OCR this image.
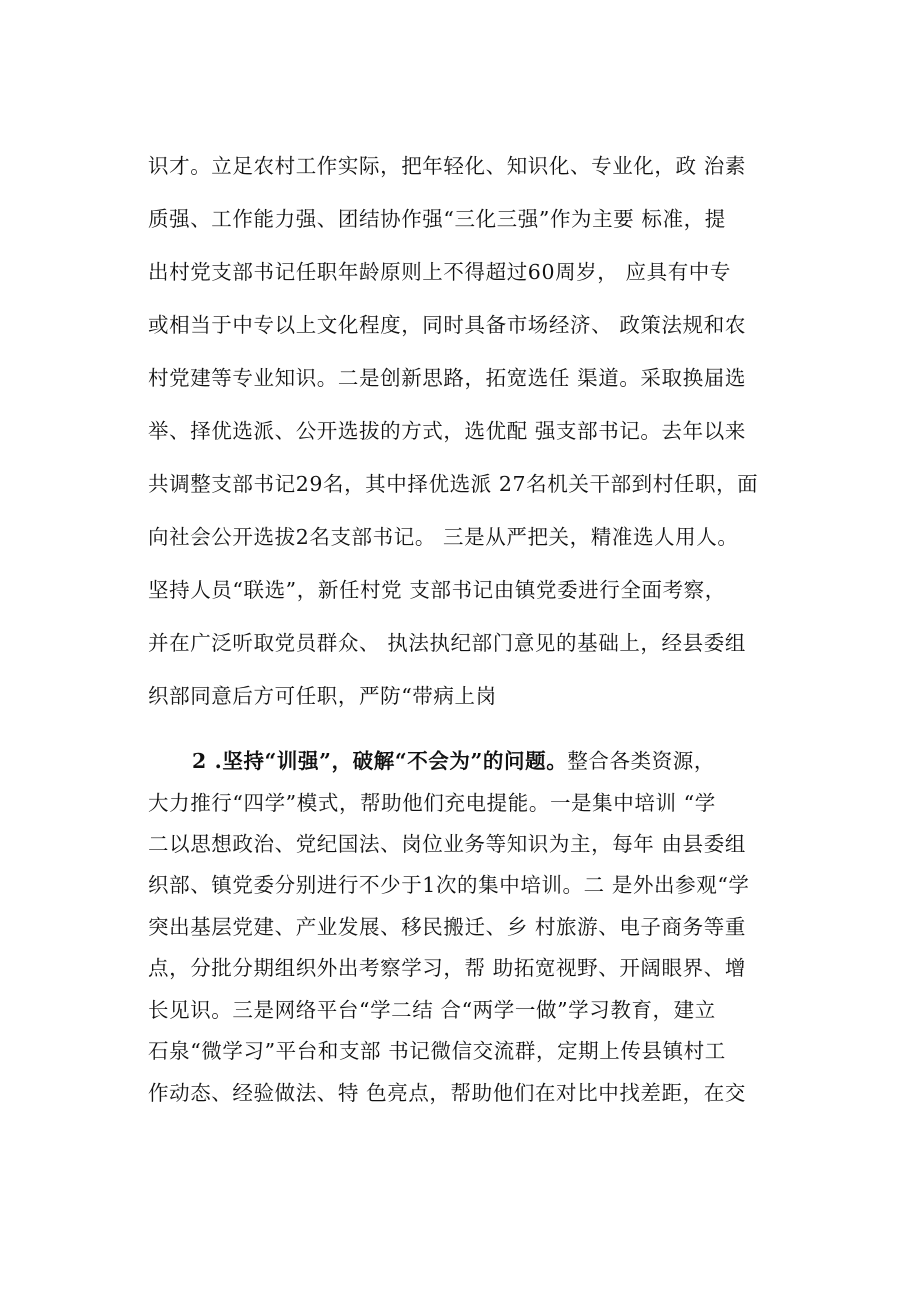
识才。立足农村工作实际，把年轻化、知识化、专业化，政 治素
质强、工作能力强、团结协作强“三化三强”作为主要 标准，提
出村党支部书记任职年龄原则上不得超过60周岁， 应具有中专
或相当于中专以上文化程度，同时具备市场经济、 政策法规和农
村党建等专业知识。二是创新思路，拓宽选任 渠道。采取换届选
举、择优选派、公开选拔的方式，选优配 强支部书记。去年以来
共调整支部书记29名，其中择优选派 27名机关干部到村任职，面
向社会公开选拔2名支部书记。 三是从严把关，精准选人用人。
坚持人员“联选”，新任村党 支部书记由镇党委进行全面考察，
并在广泛听取党员群众、 执法执纪部门意见的基础上，经县委组
织部同意后方可任职，严防“带病上岗
2 .坚持“训强”，破解“不会为”的问题。整合各类资源，
大力推行“四学”模式，帮助他们充电提能。一是集中培训 “学
二以思想政治、党纪国法、岗位业务等知识为主，每年 由县委组
织部、镇党委分别进行不少于1次的集中培训。二 是外出参观“学
突出基层党建、产业发展、移民搬迁、乡 村旅游、电子商务等重
点，分批分期组织外出考察学习，帮 助拓宽视野、开阔眼界、增
长见识。三是网络平台“学二结 合“两学一做”学习教育，建立
石泉“微学习”平台和支部 书记微信交流群，定期上传县镇村工
作动态、经验做法、特 色亮点，帮助他们在对比中找差距，在交
